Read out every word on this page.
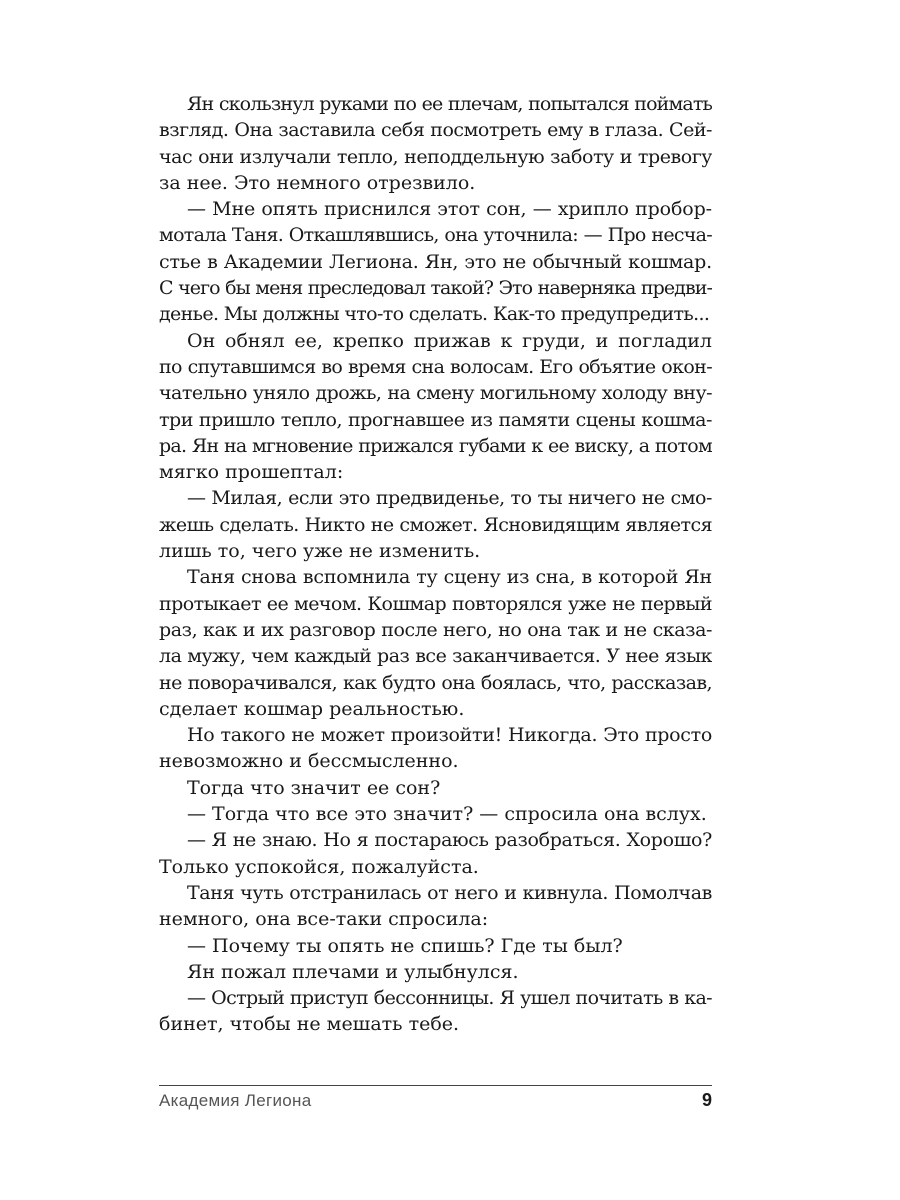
Ян скользнул руками по ее плечам, попытался поймать
взгляд. Она заставила себя посмотреть ему в глаза. Сей-
час они излучали тепло, неподдельную заботу и тревогу
за нее. Это немного отрезвило.
— Мне опять приснился этот сон, — хрипло пробор-
мотала Таня. Откашлявшись, она уточнила: — Про несча-
стье в Академии Легиона. Ян, это не обычный кошмар.
С чего бы меня преследовал такой? Это наверняка предви-
денье. Мы должны что-то сделать. Как-то предупредить...
Он обнял ее, крепко прижав к груди, и погладил
по спутавшимся во время сна волосам. Его объятие окон-
чательно уняло дрожь, на смену могильному холоду вну-
три пришло тепло, прогнавшее из памяти сцены кошма-
ра. Ян на мгновение прижался губами к ее виску, а потом
мягко прошептал:
— Милая, если это предвиденье, то ты ничего не смо-
жешь сделать. Никто не сможет. Ясновидящим является
лишь то, чего уже не изменить.
Таня снова вспомнила ту сцену из сна, в которой Ян
протыкает ее мечом. Кошмар повторялся уже не первый
раз, как и их разговор после него, но она так и не сказа-
ла мужу, чем каждый раз все заканчивается. У нее язык
не поворачивался, как будто она боялась, что, рассказав,
сделает кошмар реальностью.
Но такого не может произойти! Никогда. Это просто
невозможно и бессмысленно.
Тогда что значит ее сон?
— Тогда что все это значит? — спросила она вслух.
— Я не знаю. Но я постараюсь разобраться. Хорошо?
Только успокойся, пожалуйста.
Таня чуть отстранилась от него и кивнула. Помолчав
немного, она все-таки спросила:
— Почему ты опять не спишь? Где ты был?
Ян пожал плечами и улыбнулся.
— Острый приступ бессонницы. Я ушел почитать в ка-
бинет, чтобы не мешать тебе.
Академия Легиона	9
